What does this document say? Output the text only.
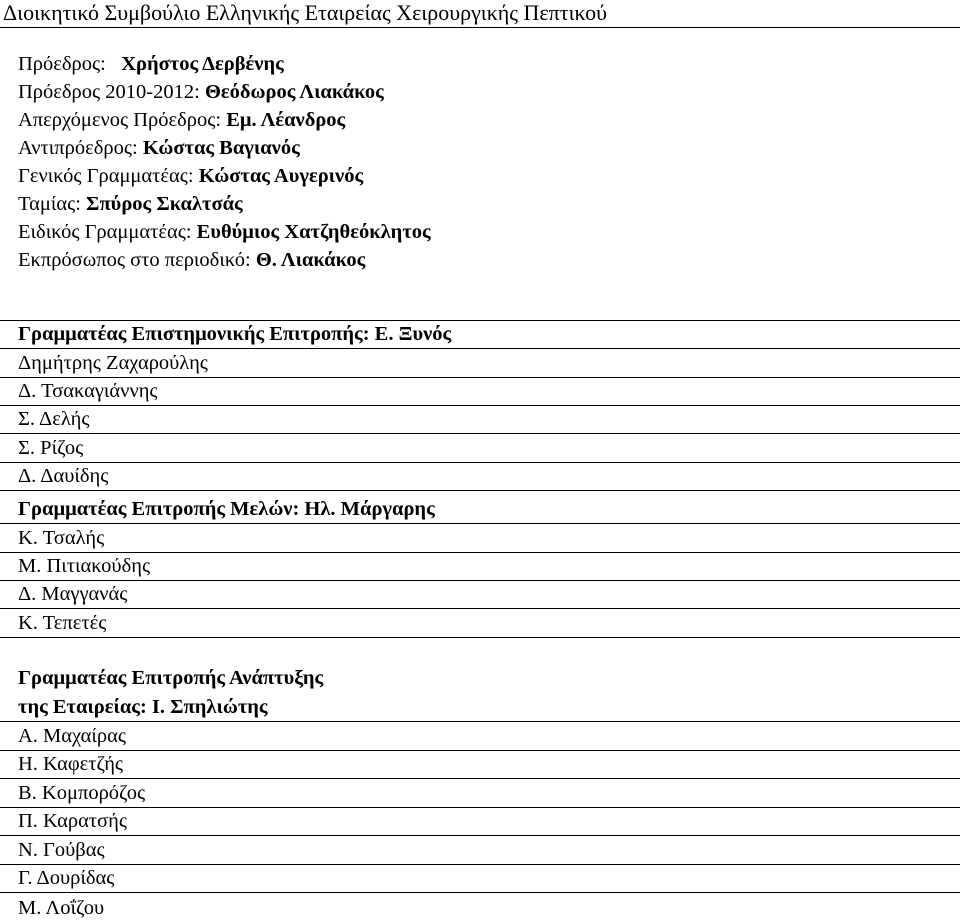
Διοικητικό Συμβούλιο Ελληνικής Εταιρείας Χειρουργικής Πεπτικού
Πρόεδρος: Χρήστος Δερβένης
Πρόεδρος 2010-2012: Θεόδωρος Λιακάκος
Απερχόμενος Πρόεδρος: Εμ. Λέανδρος
Αντιπρόεδρος: Κώστας Βαγιανός
Γενικός Γραμματέας: Κώστας Αυγερινός
Ταμίας: Σπύρος Σκαλτσάς
Ειδικός Γραμματέας: Ευθύμιος Χατζηθεόκλητος
Εκπρόσωπος στο περιοδικό: Θ. Λιακάκος
Γραμματέας Επιστημονικής Επιτροπής: Ε. Ξυνός
Δημήτρης Ζαχαρούλης
Δ. Τσακαγιάννης
Σ. Δελής
Σ. Ρίζος
Δ. Δαυίδης
Γραμματέας Επιτροπής Μελών: Ηλ. Μάργαρης
Κ. Τσαλής
Μ. Πιτιακούδης
Δ. Μαγγανάς
Κ. Τεπετές
Γραμματέας Επιτροπής Ανάπτυξης
της Εταιρείας: Ι. Σπηλιώτης
Α. Μαχαίρας
Η. Καφετζής
Β. Κομπορόζος
Π. Καρατσής
Ν. Γούβας
Γ. Δουρίδας
Μ. Λοΐζου
